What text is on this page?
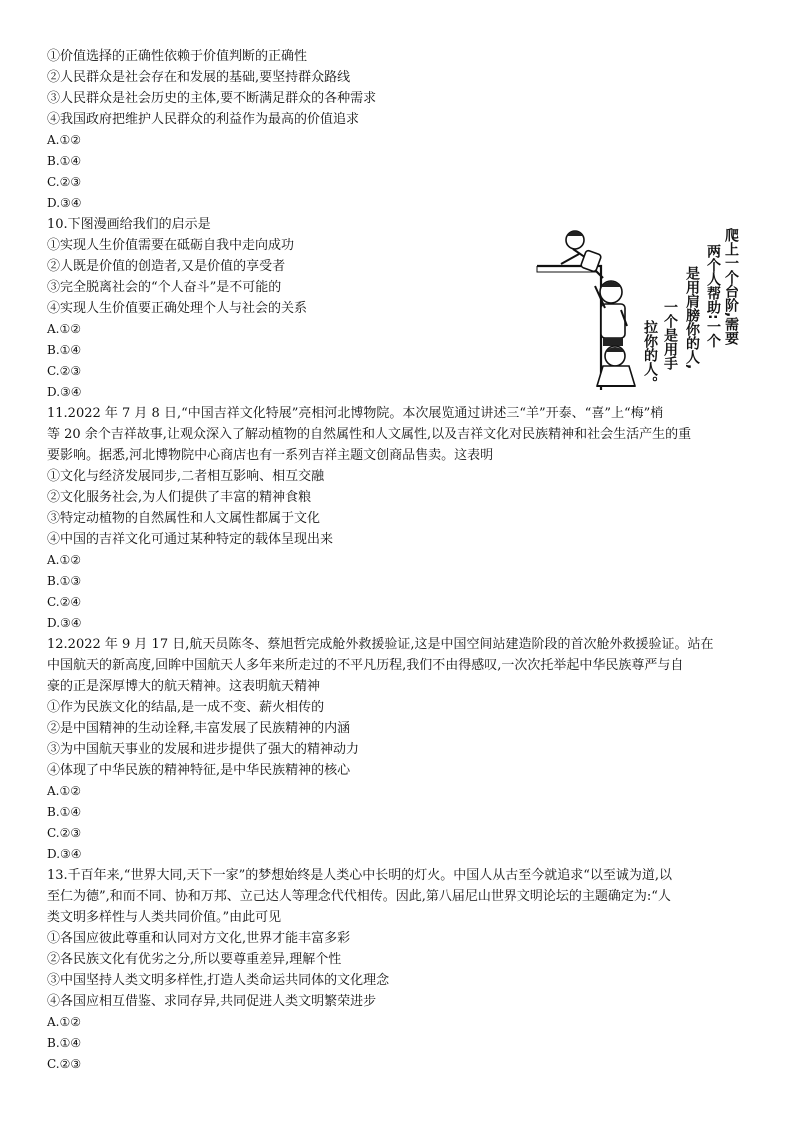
①价值选择的正确性依赖于价值判断的正确性
②人民群众是社会存在和发展的基础,要坚持群众路线
③人民群众是社会历史的主体,要不断满足群众的各种需求
④我国政府把维护人民群众的利益作为最高的价值追求
A.①②
B.①④
C.②③
D.③④
10.下图漫画给我们的启示是
①实现人生价值需要在砥砺自我中走向成功
②人既是价值的创造者,又是价值的享受者
③完全脱离社会的“个人奋斗”是不可能的
④实现人生价值要正确处理个人与社会的关系
A.①②
B.①④
C.②③
D.③④
爬上一个台阶,需要
两个人帮助:一个
是用肩膀你的人,
一个是用手
拉你的人。
11.2022 年 7 月 8 日,“中国吉祥文化特展”亮相河北博物院。本次展览通过讲述三“羊”开泰、“喜”上“梅”梢
等 20 余个吉祥故事,让观众深入了解动植物的自然属性和人文属性,以及吉祥文化对民族精神和社会生活产生的重
要影响。据悉,河北博物院中心商店也有一系列吉祥主题文创商品售卖。这表明
①文化与经济发展同步,二者相互影响、相互交融
②文化服务社会,为人们提供了丰富的精神食粮
③特定动植物的自然属性和人文属性都属于文化
④中国的吉祥文化可通过某种特定的载体呈现出来
A.①②
B.①③
C.②④
D.③④
12.2022 年 9 月 17 日,航天员陈冬、蔡旭哲完成舱外救援验证,这是中国空间站建造阶段的首次舱外救援验证。站在
中国航天的新高度,回眸中国航天人多年来所走过的不平凡历程,我们不由得感叹,一次次托举起中华民族尊严与自
豪的正是深厚博大的航天精神。这表明航天精神
①作为民族文化的结晶,是一成不变、薪火相传的
②是中国精神的生动诠释,丰富发展了民族精神的内涵
③为中国航天事业的发展和进步提供了强大的精神动力
④体现了中华民族的精神特征,是中华民族精神的核心
A.①②
B.①④
C.②③
D.③④
13.千百年来,“世界大同,天下一家”的梦想始终是人类心中长明的灯火。中国人从古至今就追求“以至诚为道,以
至仁为德”,和而不同、协和万邦、立己达人等理念代代相传。因此,第八届尼山世界文明论坛的主题确定为:“人
类文明多样性与人类共同价值。”由此可见
①各国应彼此尊重和认同对方文化,世界才能丰富多彩
②各民族文化有优劣之分,所以要尊重差异,理解个性
③中国坚持人类文明多样性,打造人类命运共同体的文化理念
④各国应相互借鉴、求同存异,共同促进人类文明繁荣进步
A.①②
B.①④
C.②③
